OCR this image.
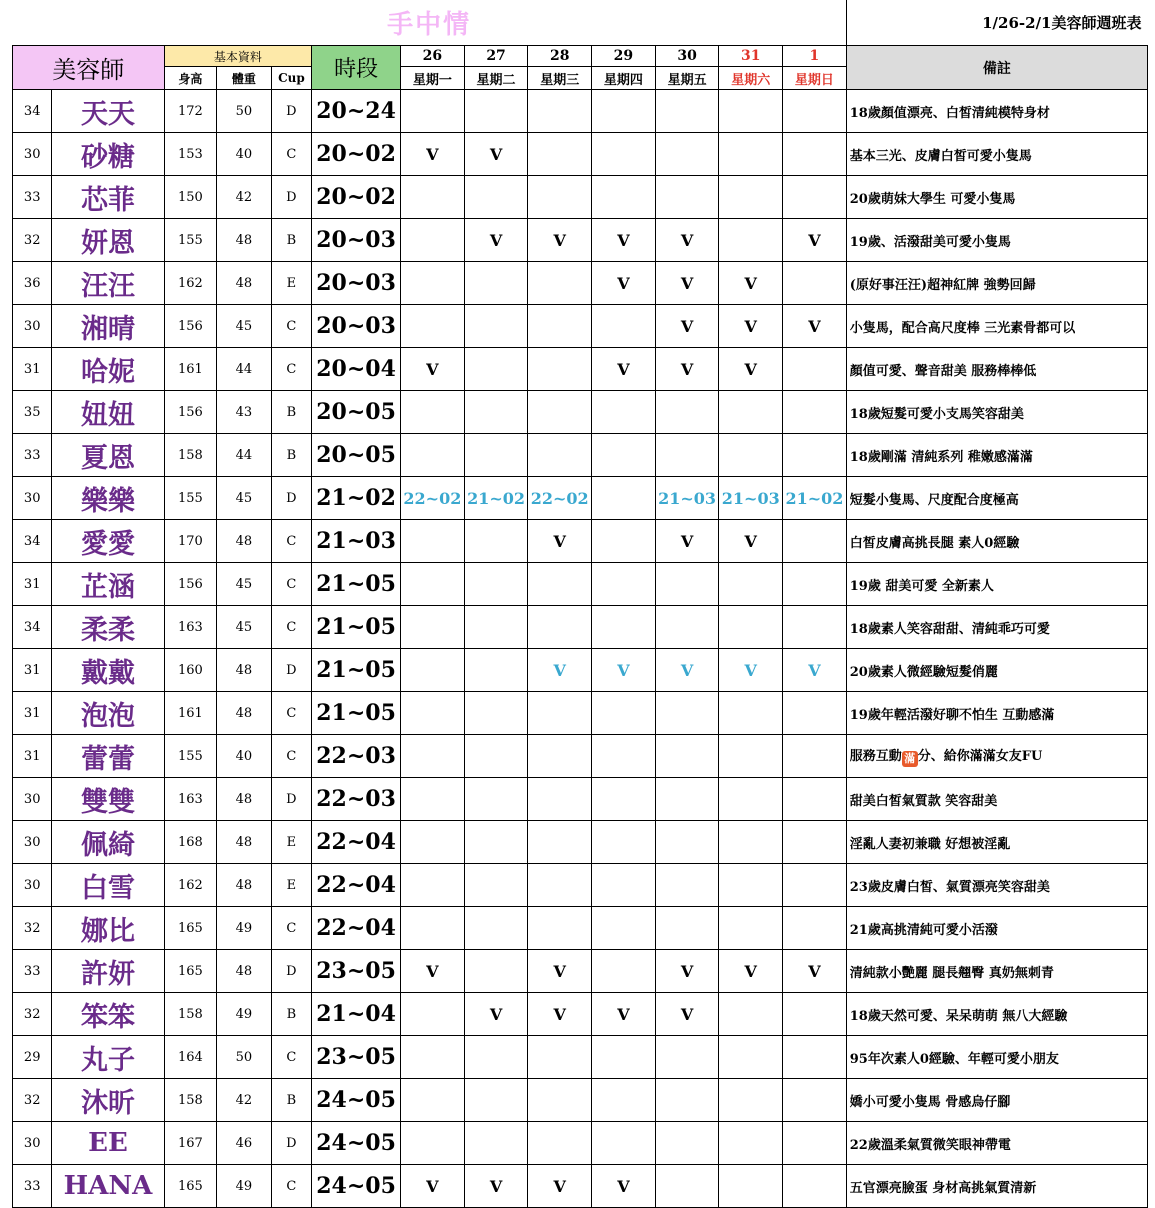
手中情													1/26-2/1美容師週班表
美容師		基本資料			時段	26	27	28	29	30	31	1	備註
		身高	體重	Cup		星期一	星期二	星期三	星期四	星期五	星期六	星期日	
34	天天	172	50	D	20~24								18歲顏值漂亮、白皙清純模特身材
30	砂糖	153	40	C	20~02	V	V						基本三光、皮膚白皙可愛小隻馬
33	芯菲	150	42	D	20~02								20歲萌妹大學生 可愛小隻馬
32	妍恩	155	48	B	20~03		V	V	V	V		V	19歲、活潑甜美可愛小隻馬
36	汪汪	162	48	E	20~03				V	V	V		(原好事汪汪)超神紅牌 強勢回歸
30	湘晴	156	45	C	20~03					V	V	V	小隻馬，配合高尺度棒 三光素骨都可以
31	哈妮	161	44	C	20~04	V			V	V	V		顏值可愛、聲音甜美 服務棒棒低
35	妞妞	156	43	B	20~05								18歲短髮可愛小支馬笑容甜美
33	夏恩	158	44	B	20~05								18歲剛滿 清純系列 稚嫩感滿滿
30	樂樂	155	45	D	21~02	22~02	21~02	22~02		21~03	21~03	21~02	短髮小隻馬、尺度配合度極高
34	愛愛	170	48	C	21~03			V		V	V		白皙皮膚高挑長腿 素人0經驗
31	芷涵	156	45	C	21~05								19歲 甜美可愛 全新素人
34	柔柔	163	45	C	21~05								18歲素人笑容甜甜、清純乖巧可愛
31	戴戴	160	48	D	21~05			V	V	V	V	V	20歲素人微經驗短髮俏麗
31	泡泡	161	48	C	21~05								19歲年輕活潑好聊不怕生 互動感滿
31	蕾蕾	155	40	C	22~03								服務互動 滿 分、給你滿滿女友FU
30	雙雙	163	48	D	22~03								甜美白皙氣質款 笑容甜美
30	佩綺	168	48	E	22~04								淫亂人妻初兼職 好想被淫亂
30	白雪	162	48	E	22~04								23歲皮膚白皙、氣質漂亮笑容甜美
32	娜比	165	49	C	22~04								21歲高挑清純可愛小活潑
33	許妍	165	48	D	23~05	V		V		V	V	V	清純款小艷麗 腿長翹臀 真奶無刺青
32	笨笨	158	49	B	21~04		V	V	V	V			18歲天然可愛、呆呆萌萌 無八大經驗
29	丸子	164	50	C	23~05								95年次素人0經驗、年輕可愛小朋友
32	沐昕	158	42	B	24~05								嬌小可愛小隻馬 骨感烏仔腳
30	EE	167	46	D	24~05								22歲溫柔氣質微笑眼神帶電
33	HANA	165	49	C	24~05	V	V	V	V				五官漂亮臉蛋 身材高挑氣質清新
